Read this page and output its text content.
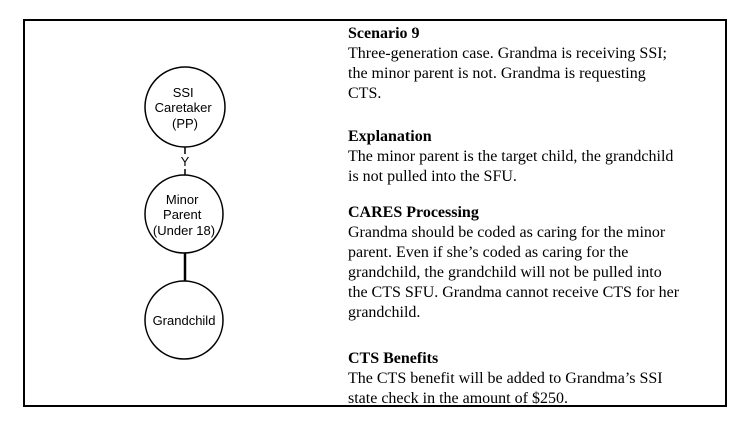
Y
SSI Caretaker (PP)
Minor Parent (Under 18)
Grandchild
Scenario 9
Three-generation case. Grandma is receiving SSI;
the minor parent is not. Grandma is requesting
CTS.
Explanation
The minor parent is the target child, the grandchild
is not pulled into the SFU.
CARES Processing
Grandma should be coded as caring for the minor
parent. Even if she’s coded as caring for the
grandchild, the grandchild will not be pulled into
the CTS SFU. Grandma cannot receive CTS for her
grandchild.
CTS Benefits
The CTS benefit will be added to Grandma’s SSI
state check in the amount of $250.
